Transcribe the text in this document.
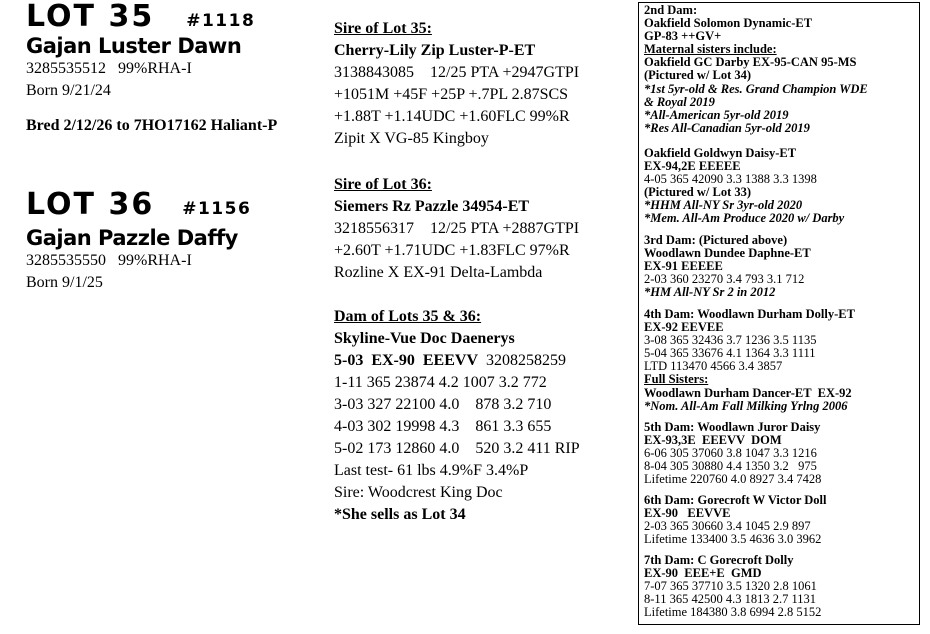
LOT 35 #1118
Gajan Luster Dawn
3285535512   99%RHA-I
Born 9/21/24
Bred 2/12/26 to 7HO17162 Haliant-P
LOT 36 #1156
Gajan Pazzle Daffy
3285535550   99%RHA-I
Born 9/1/25
Sire of Lot 35:
Cherry-Lily Zip Luster-P-ET
3138843085    12/25 PTA +2947GTPI
+1051M +45F +25P +.7PL 2.87SCS
+1.88T +1.14UDC +1.60FLC 99%R
Zipit X VG-85 Kingboy
Sire of Lot 36:
Siemers Rz Pazzle 34954-ET
3218556317    12/25 PTA +2887GTPI
+2.60T +1.71UDC +1.83FLC 97%R
Rozline X EX-91 Delta-Lambda
Dam of Lots 35 & 36:
Skyline-Vue Doc Daenerys
5-03  EX-90  EEEVV  3208258259
1-11 365 23874 4.2 1007 3.2 772
3-03 327 22100 4.0    878 3.2 710
4-03 302 19998 4.3    861 3.3 655
5-02 173 12860 4.0    520 3.2 411 RIP
Last test- 61 lbs 4.9%F 3.4%P
Sire: Woodcrest King Doc
*She sells as Lot 34
2nd Dam:
Oakfield Solomon Dynamic-ET
GP-83 ++GV+
Maternal sisters include:
Oakfield GC Darby EX-95-CAN 95-MS
(Pictured w/ Lot 34)
*1st 5yr-old & Res. Grand Champion WDE
& Royal 2019
*All-American 5yr-old 2019
*Res All-Canadian 5yr-old 2019
Oakfield Goldwyn Daisy-ET
EX-94,2E EEEEE
4-05 365 42090 3.3 1388 3.3 1398
(Pictured w/ Lot 33)
*HHM All-NY Sr 3yr-old 2020
*Mem. All-Am Produce 2020 w/ Darby
3rd Dam: (Pictured above)
Woodlawn Dundee Daphne-ET
EX-91 EEEEE
2-03 360 23270 3.4 793 3.1 712
*HM All-NY Sr 2 in 2012
4th Dam: Woodlawn Durham Dolly-ET
EX-92 EEVEE
3-08 365 32436 3.7 1236 3.5 1135
5-04 365 33676 4.1 1364 3.3 1111
LTD 113470 4566 3.4 3857
Full Sisters:
Woodlawn Durham Dancer-ET  EX-92
*Nom. All-Am Fall Milking Yrlng 2006
5th Dam: Woodlawn Juror Daisy
EX-93,3E  EEEVV  DOM
6-06 305 37060 3.8 1047 3.3 1216
8-04 305 30880 4.4 1350 3.2   975
Lifetime 220760 4.0 8927 3.4 7428
6th Dam: Gorecroft W Victor Doll
EX-90   EEVVE
2-03 365 30660 3.4 1045 2.9 897
Lifetime 133400 3.5 4636 3.0 3962
7th Dam: C Gorecroft Dolly
EX-90  EEE+E  GMD
7-07 365 37710 3.5 1320 2.8 1061
8-11 365 42500 4.3 1813 2.7 1131
Lifetime 184380 3.8 6994 2.8 5152
